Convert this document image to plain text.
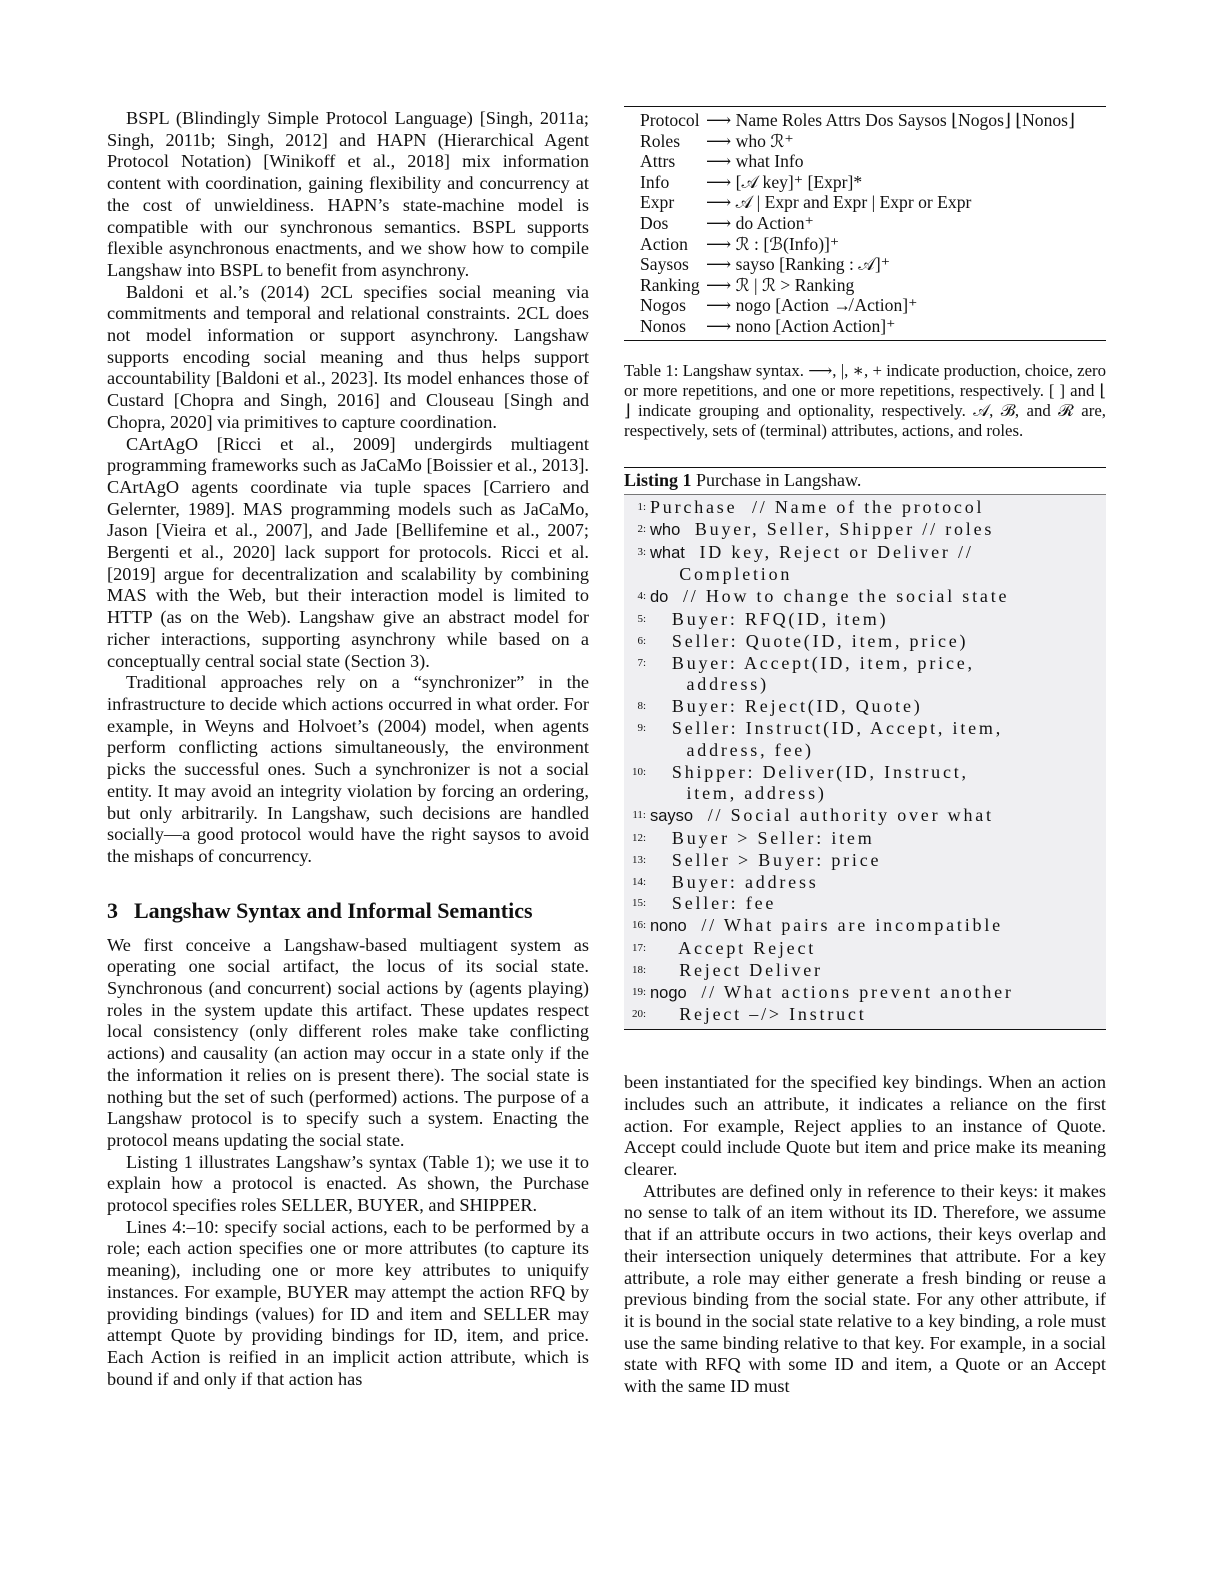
BSPL (Blindingly Simple Protocol Language) [Singh, 2011a; Singh, 2011b; Singh, 2012] and HAPN (Hierarchical Agent Protocol Notation) [Winikoff et al., 2018] mix information content with coordination, gaining flexibility and concurrency at the cost of unwieldiness. HAPN’s state-machine model is compatible with our synchronous semantics. BSPL supports flexible asynchronous enactments, and we show how to compile Langshaw into BSPL to benefit from asynchrony.

Baldoni et al.’s (2014) 2CL specifies social meaning via commitments and temporal and relational constraints. 2CL does not model information or support asynchrony. Langshaw supports encoding social meaning and thus helps support accountability [Baldoni et al., 2023]. Its model enhances those of Custard [Chopra and Singh, 2016] and Clouseau [Singh and Chopra, 2020] via primitives to capture coordination.

CArtAgO [Ricci et al., 2009] undergirds multiagent programming frameworks such as JaCaMo [Boissier et al., 2013]. CArtAgO agents coordinate via tuple spaces [Carriero and Gelernter, 1989]. MAS programming models such as JaCaMo, Jason [Vieira et al., 2007], and Jade [Bellifemine et al., 2007; Bergenti et al., 2020] lack support for protocols. Ricci et al. [2019] argue for decentralization and scalability by combining MAS with the Web, but their interaction model is limited to HTTP (as on the Web). Langshaw give an abstract model for richer interactions, supporting asynchrony while based on a conceptually central social state (Section 3).

Traditional approaches rely on a “synchronizer” in the infrastructure to decide which actions occurred in what order. For example, in Weyns and Holvoet’s (2004) model, when agents perform conflicting actions simultaneously, the environment picks the successful ones. Such a synchronizer is not a social entity. It may avoid an integrity violation by forcing an ordering, but only arbitrarily. In Langshaw, such decisions are handled socially—a good protocol would have the right saysos to avoid the mishaps of concurrency.

3 Langshaw Syntax and Informal Semantics

We first conceive a Langshaw-based multiagent system as operating one social artifact, the locus of its social state. Synchronous (and concurrent) social actions by (agents playing) roles in the system update this artifact. These updates respect local consistency (only different roles make take conflicting actions) and causality (an action may occur in a state only if the the information it relies on is present there). The social state is nothing but the set of such (performed) actions. The purpose of a Langshaw protocol is to specify such a system. Enacting the protocol means updating the social state.

Listing 1 illustrates Langshaw’s syntax (Table 1); we use it to explain how a protocol is enacted. As shown, the Purchase protocol specifies roles SELLER, BUYER, and SHIPPER.

Lines 4:–10: specify social actions, each to be performed by a role; each action specifies one or more attributes (to capture its meaning), including one or more key attributes to uniquify instances. For example, BUYER may attempt the action RFQ by providing bindings (values) for ID and item and SELLER may attempt Quote by providing bindings for ID, item, and price. Each Action is reified in an implicit action attribute, which is bound if and only if that action has

Protocol ⟶ Name Roles Attrs Dos Saysos ⌊Nogos⌋ ⌊Nonos⌋
Roles	⟶ who ℛ⁺
Attrs	⟶ what Info
Info	⟶ [𝒜 key]⁺ [Expr]*
Expr	⟶ 𝒜 | Expr and Expr | Expr or Expr
Dos	⟶ do Action⁺
Action	⟶ ℛ : [ℬ(Info)]⁺
Saysos ⟶ sayso [Ranking : 𝒜]⁺
Ranking ⟶ ℛ | ℛ > Ranking
Nogos	⟶ nogo [Action ↛ Action]⁺
Nonos	⟶ nono [Action Action]⁺
Table 1: Langshaw syntax. ⟶, |, ∗, + indicate production, choice, zero or more repetitions, and one or more repetitions, respectively. [ ] and ⌊ ⌋ indicate grouping and optionality, respectively. 𝒜, ℬ, and ℛ are, respectively, sets of (terminal) attributes, actions, and roles.
Listing 1 Purchase in Langshaw.
1: Purchase  // Name of the protocol
2: who  Buyer, Seller, Shipper // roles
3: what  ID key, Reject or Deliver //
Completion
4: do  // How to change the social state
5: Buyer: RFQ(ID, item)
6: Seller: Quote(ID, item, price)
7: Buyer: Accept(ID, item, price,
address)
8: Buyer: Reject(ID, Quote)
9: Seller: Instruct(ID, Accept, item,
address, fee)
10: Shipper: Deliver(ID, Instruct,
item, address)
11: sayso  // Social authority over what
12: Buyer > Seller: item
13: Seller > Buyer: price
14: Buyer: address
15: Seller: fee
16: nono  // What pairs are incompatible
17: Accept Reject
18: Reject Deliver
19: nogo  // What actions prevent another
20: Reject –/> Instruct

been instantiated for the specified key bindings. When an action includes such an attribute, it indicates a reliance on the first action. For example, Reject applies to an instance of Quote. Accept could include Quote but item and price make its meaning clearer.

Attributes are defined only in reference to their keys: it makes no sense to talk of an item without its ID. Therefore, we assume that if an attribute occurs in two actions, their keys overlap and their intersection uniquely determines that attribute. For a key attribute, a role may either generate a fresh binding or reuse a previous binding from the social state. For any other attribute, if it is bound in the social state relative to a key binding, a role must use the same binding relative to that key. For example, in a social state with RFQ with some ID and item, a Quote or an Accept with the same ID must
